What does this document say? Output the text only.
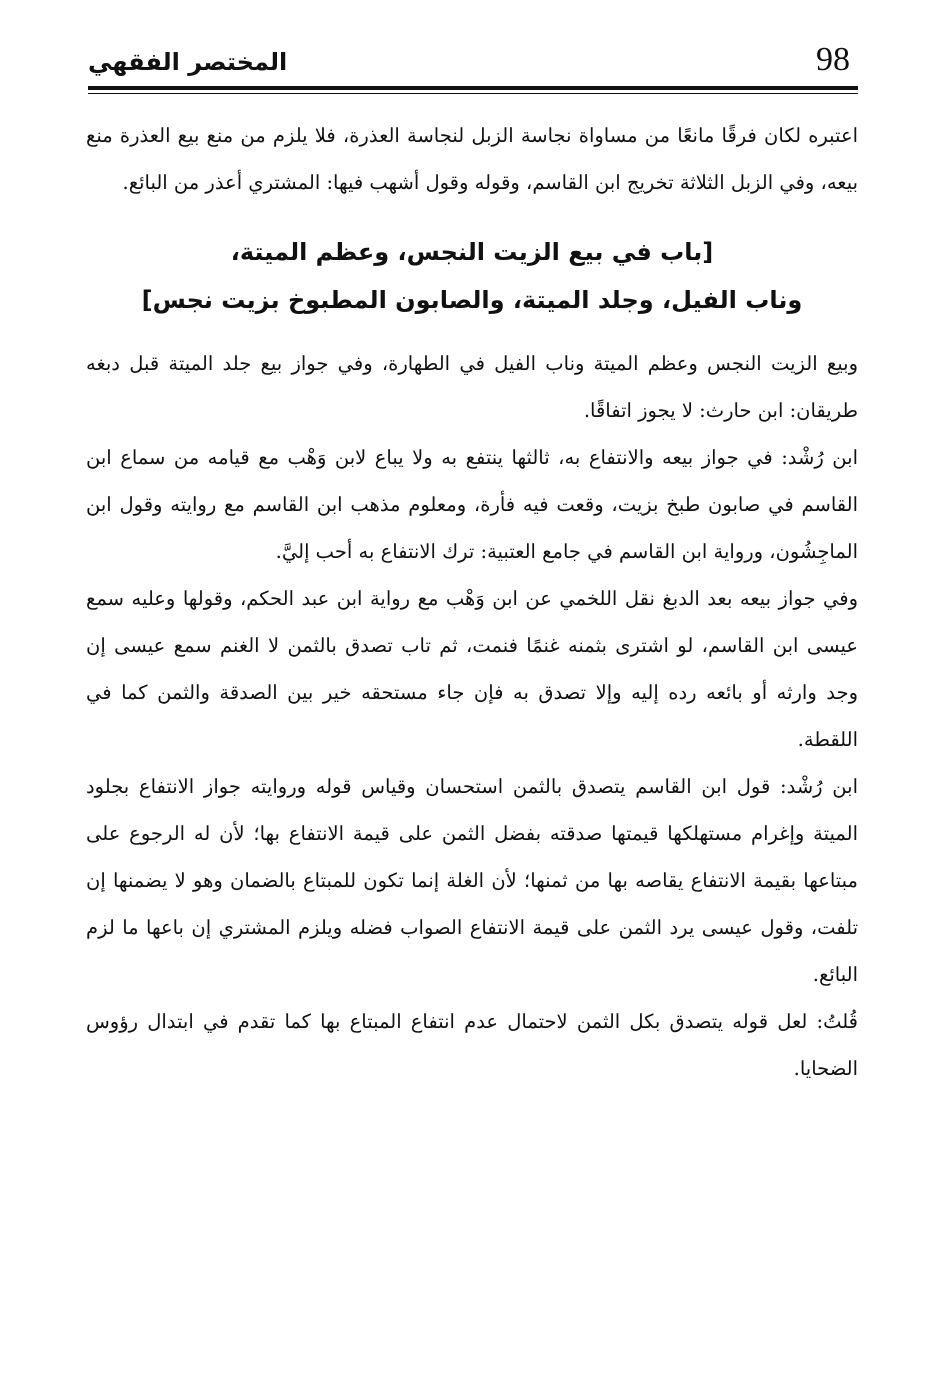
98
المختصر الفقهي

اعتبره لكان فرقًا مانعًا من مساواة نجاسة الزبل لنجاسة العذرة، فلا يلزم من منع بيع العذرة منع بيعه، وفي الزبل الثلاثة تخريج ابن القاسم، وقوله وقول أشهب فيها: المشتري أعذر من البائع.

[باب في بيع الزيت النجس، وعظم الميتة،
وناب الفيل، وجلد الميتة، والصابون المطبوخ بزيت نجس]

وبيع الزيت النجس وعظم الميتة وناب الفيل في الطهارة، وفي جواز بيع جلد الميتة قبل دبغه طريقان: ابن حارث: لا يجوز اتفاقًا.

ابن رُشْد: في جواز بيعه والانتفاع به، ثالثها ينتفع به ولا يباع لابن وَهْب مع قيامه من سماع ابن القاسم في صابون طبخ بزيت، وقعت فيه فأرة، ومعلوم مذهب ابن القاسم مع روايته وقول ابن الماجِشُون، ورواية ابن القاسم في جامع العتبية: ترك الانتفاع به أحب إليَّ.

وفي جواز بيعه بعد الدبغ نقل اللخمي عن ابن وَهْب مع رواية ابن عبد الحكم، وقولها وعليه سمع عيسى ابن القاسم، لو اشترى بثمنه غنمًا فنمت، ثم تاب تصدق بالثمن لا الغنم سمع عيسى إن وجد وارثه أو بائعه رده إليه وإلا تصدق به فإن جاء مستحقه خير بين الصدقة والثمن كما في اللقطة.

ابن رُشْد: قول ابن القاسم يتصدق بالثمن استحسان وقياس قوله وروايته جواز الانتفاع بجلود الميتة وإغرام مستهلكها قيمتها صدقته بفضل الثمن على قيمة الانتفاع بها؛ لأن له الرجوع على مبتاعها بقيمة الانتفاع يقاصه بها من ثمنها؛ لأن الغلة إنما تكون للمبتاع بالضمان وهو لا يضمنها إن تلفت، وقول عيسى يرد الثمن على قيمة الانتفاع الصواب فضله ويلزم المشتري إن باعها ما لزم البائع.

قُلتُ: لعل قوله يتصدق بكل الثمن لاحتمال عدم انتفاع المبتاع بها كما تقدم في ابتدال رؤوس الضحايا.
